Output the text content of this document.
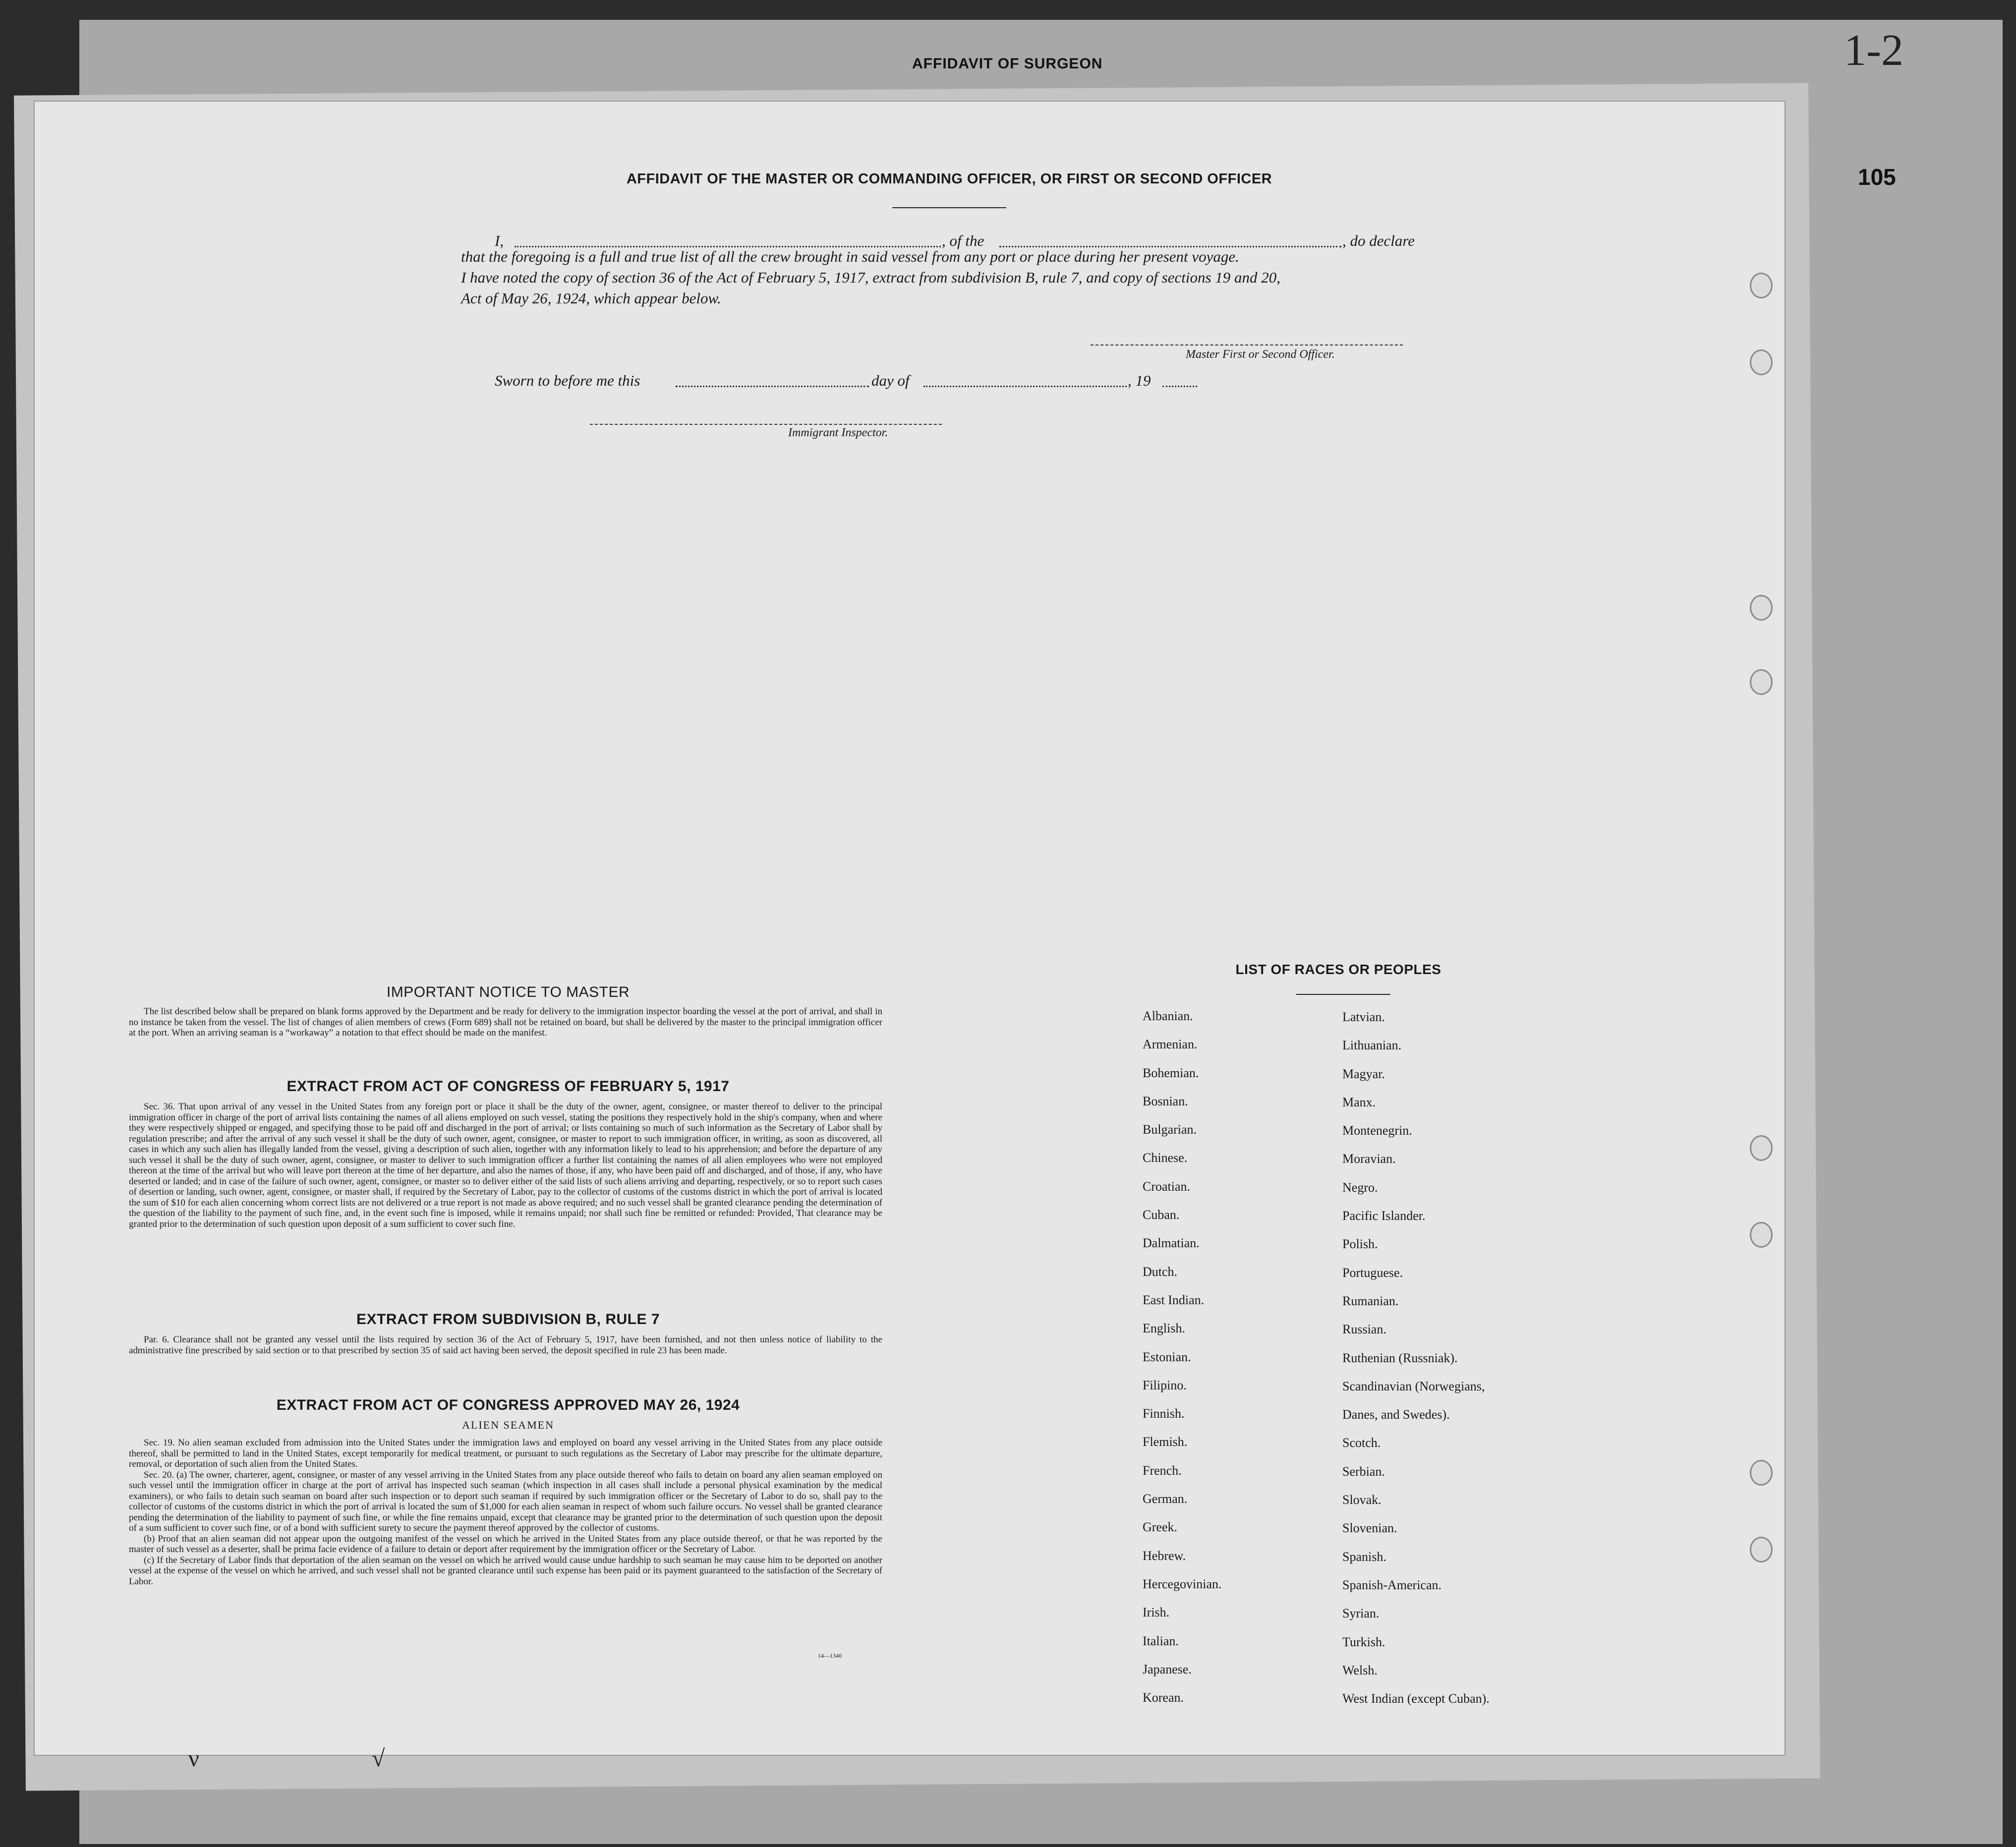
AFFIDAVIT OF SURGEON
105
1-2
AFFIDAVIT OF THE MASTER OR COMMANDING OFFICER, OR FIRST OR SECOND OFFICER
I,	, of the	, do declare
that the foregoing is a full and true list of all the crew brought in said vessel from any port or place during her present voyage.
I have noted the copy of section 36 of the Act of February 5, 1917, extract from subdivision B, rule 7, and copy of sections 19 and 20,
Act of May 26, 1924, which appear below.
Master First or Second Officer.
Sworn to before me this	day of	, 19
Immigrant Inspector.
IMPORTANT NOTICE TO MASTER

The list described below shall be prepared on blank forms approved by the Department and be ready for delivery to the immigration inspector boarding the vessel at the port of arrival, and shall in no instance be taken from the vessel. The list of changes of alien members of crews (Form 689) shall not be retained on board, but shall be delivered by the master to the principal immigration officer at the port. When an arriving seaman is a “workaway” a notation to that effect should be made on the manifest.

EXTRACT FROM ACT OF CONGRESS OF FEBRUARY 5, 1917

Sec. 36. That upon arrival of any vessel in the United States from any foreign port or place it shall be the duty of the owner, agent, consignee, or master thereof to deliver to the principal immigration officer in charge of the port of arrival lists containing the names of all aliens employed on such vessel, stating the positions they respectively hold in the ship's company, when and where they were respectively shipped or engaged, and specifying those to be paid off and discharged in the port of arrival; or lists containing so much of such information as the Secretary of Labor shall by regulation prescribe; and after the arrival of any such vessel it shall be the duty of such owner, agent, consignee, or master to report to such immigration officer, in writing, as soon as discovered, all cases in which any such alien has illegally landed from the vessel, giving a description of such alien, together with any information likely to lead to his apprehension; and before the departure of any such vessel it shall be the duty of such owner, agent, consignee, or master to deliver to such immigration officer a further list containing the names of all alien employees who were not employed thereon at the time of the arrival but who will leave port thereon at the time of her departure, and also the names of those, if any, who have been paid off and discharged, and of those, if any, who have deserted or landed; and in case of the failure of such owner, agent, consignee, or master so to deliver either of the said lists of such aliens arriving and departing, respectively, or so to report such cases of desertion or landing, such owner, agent, consignee, or master shall, if required by the Secretary of Labor, pay to the collector of customs of the customs district in which the port of arrival is located the sum of $10 for each alien concerning whom correct lists are not delivered or a true report is not made as above required; and no such vessel shall be granted clearance pending the determination of the question of the liability to the payment of such fine, and, in the event such fine is imposed, while it remains unpaid; nor shall such fine be remitted or refunded: Provided, That clearance may be granted prior to the determination of such question upon deposit of a sum sufficient to cover such fine.

EXTRACT FROM SUBDIVISION B, RULE 7

Par. 6. Clearance shall not be granted any vessel until the lists required by section 36 of the Act of February 5, 1917, have been furnished, and not then unless notice of liability to the administrative fine prescribed by said section or to that prescribed by section 35 of said act having been served, the deposit specified in rule 23 has been made.

EXTRACT FROM ACT OF CONGRESS APPROVED MAY 26, 1924
ALIEN SEAMEN

Sec. 19. No alien seaman excluded from admission into the United States under the immigration laws and employed on board any vessel arriving in the United States from any place outside thereof, shall be permitted to land in the United States, except temporarily for medical treatment, or pursuant to such regulations as the Secretary of Labor may prescribe for the ultimate departure, removal, or deportation of such alien from the United States.

Sec. 20. (a) The owner, charterer, agent, consignee, or master of any vessel arriving in the United States from any place outside thereof who fails to detain on board any alien seaman employed on such vessel until the immigration officer in charge at the port of arrival has inspected such seaman (which inspection in all cases shall include a personal physical examination by the medical examiners), or who fails to detain such seaman on board after such inspection or to deport such seaman if required by such immigration officer or the Secretary of Labor to do so, shall pay to the collector of customs of the customs district in which the port of arrival is located the sum of $1,000 for each alien seaman in respect of whom such failure occurs. No vessel shall be granted clearance pending the determination of the liability to payment of such fine, or while the fine remains unpaid, except that clearance may be granted prior to the determination of such question upon the deposit of a sum sufficient to cover such fine, or of a bond with sufficient surety to secure the payment thereof approved by the collector of customs.

(b) Proof that an alien seaman did not appear upon the outgoing manifest of the vessel on which he arrived in the United States from any place outside thereof, or that he was reported by the master of such vessel as a deserter, shall be prima facie evidence of a failure to detain or deport after requirement by the immigration officer or the Secretary of Labor.

(c) If the Secretary of Labor finds that deportation of the alien seaman on the vessel on which he arrived would cause undue hardship to such seaman he may cause him to be deported on another vessel at the expense of the vessel on which he arrived, and such vessel shall not be granted clearance until such expense has been paid or its payment guaranteed to the satisfaction of the Secretary of Labor.

14—1340
LIST OF RACES OR PEOPLES
Albanian.	Latvian.
Armenian.	Lithuanian.
Bohemian.	Magyar.
Bosnian.	Manx.
Bulgarian.	Montenegrin.
Chinese.	Moravian.
Croatian.	Negro.
Cuban.	Pacific Islander.
Dalmatian.	Polish.
Dutch.	Portuguese.
East Indian.	Rumanian.
English.	Russian.
Estonian.	Ruthenian (Russniak).
Filipino.	Scandinavian (Norwegians,
Finnish.	Danes, and Swedes).
Flemish.	Scotch.
French.	Serbian.
German.	Slovak.
Greek.	Slovenian.
Hebrew.	Spanish.
Hercegovinian.	Spanish-American.
Irish.	Syrian.
Italian.	Turkish.
Japanese.	Welsh.
Korean.	West Indian (except Cuban).
ν	√
